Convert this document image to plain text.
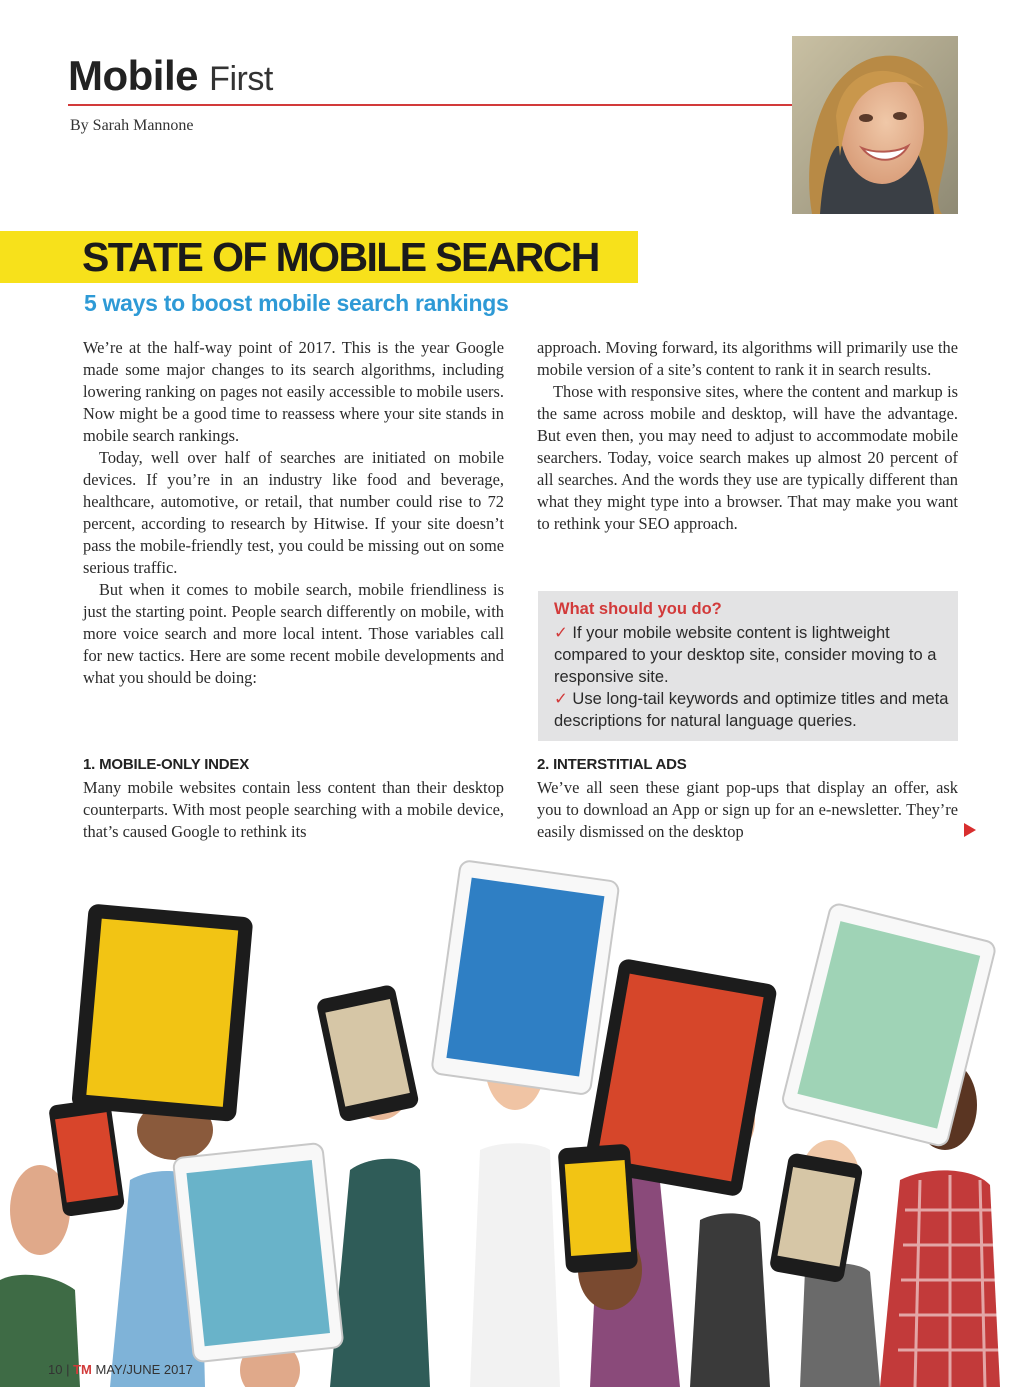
Mobile First
By Sarah Mannone
STATE OF MOBILE SEARCH
5 ways to boost mobile search rankings

We’re at the half-way point of 2017. This is the year Google made some major changes to its search algorithms, including lowering ranking on pages not easily accessible to mobile users. Now might be a good time to reassess where your site stands in mobile search rankings.

Today, well over half of searches are initiated on mobile devices. If you’re in an industry like food and beverage, healthcare, automotive, or retail, that number could rise to 72 percent, according to research by Hitwise. If your site doesn’t pass the mobile-friendly test, you could be missing out on some serious traffic.

But when it comes to mobile search, mobile friendliness is just the starting point. People search differently on mobile, with more voice search and more local intent. Those variables call for new tactics. Here are some recent mobile developments and what you should be doing:

approach. Moving forward, its algorithms will primarily use the mobile version of a site’s content to rank it in search results.

Those with responsive sites, where the content and markup is the same across mobile and desktop, will have the advantage. But even then, you may need to adjust to accommodate mobile searchers. Today, voice search makes up almost 20 percent of all searches. And the words they use are typically different than what they might type into a browser. That may make you want to rethink your SEO approach.

What should you do?
✓ If your mobile website content is lightweight compared to your desktop site, consider moving to a responsive site.
✓ Use long-tail keywords and optimize titles and meta descriptions for natural language queries.
1. MOBILE-ONLY INDEX
Many mobile websites contain less content than their desktop counterparts. With most people searching with a mobile device, that’s caused Google to rethink its
2. INTERSTITIAL ADS
We’ve all seen these giant pop-ups that display an offer, ask you to download an App or sign up for an e-newsletter. They’re easily dismissed on the desktop
10 | TM MAY/JUNE 2017
